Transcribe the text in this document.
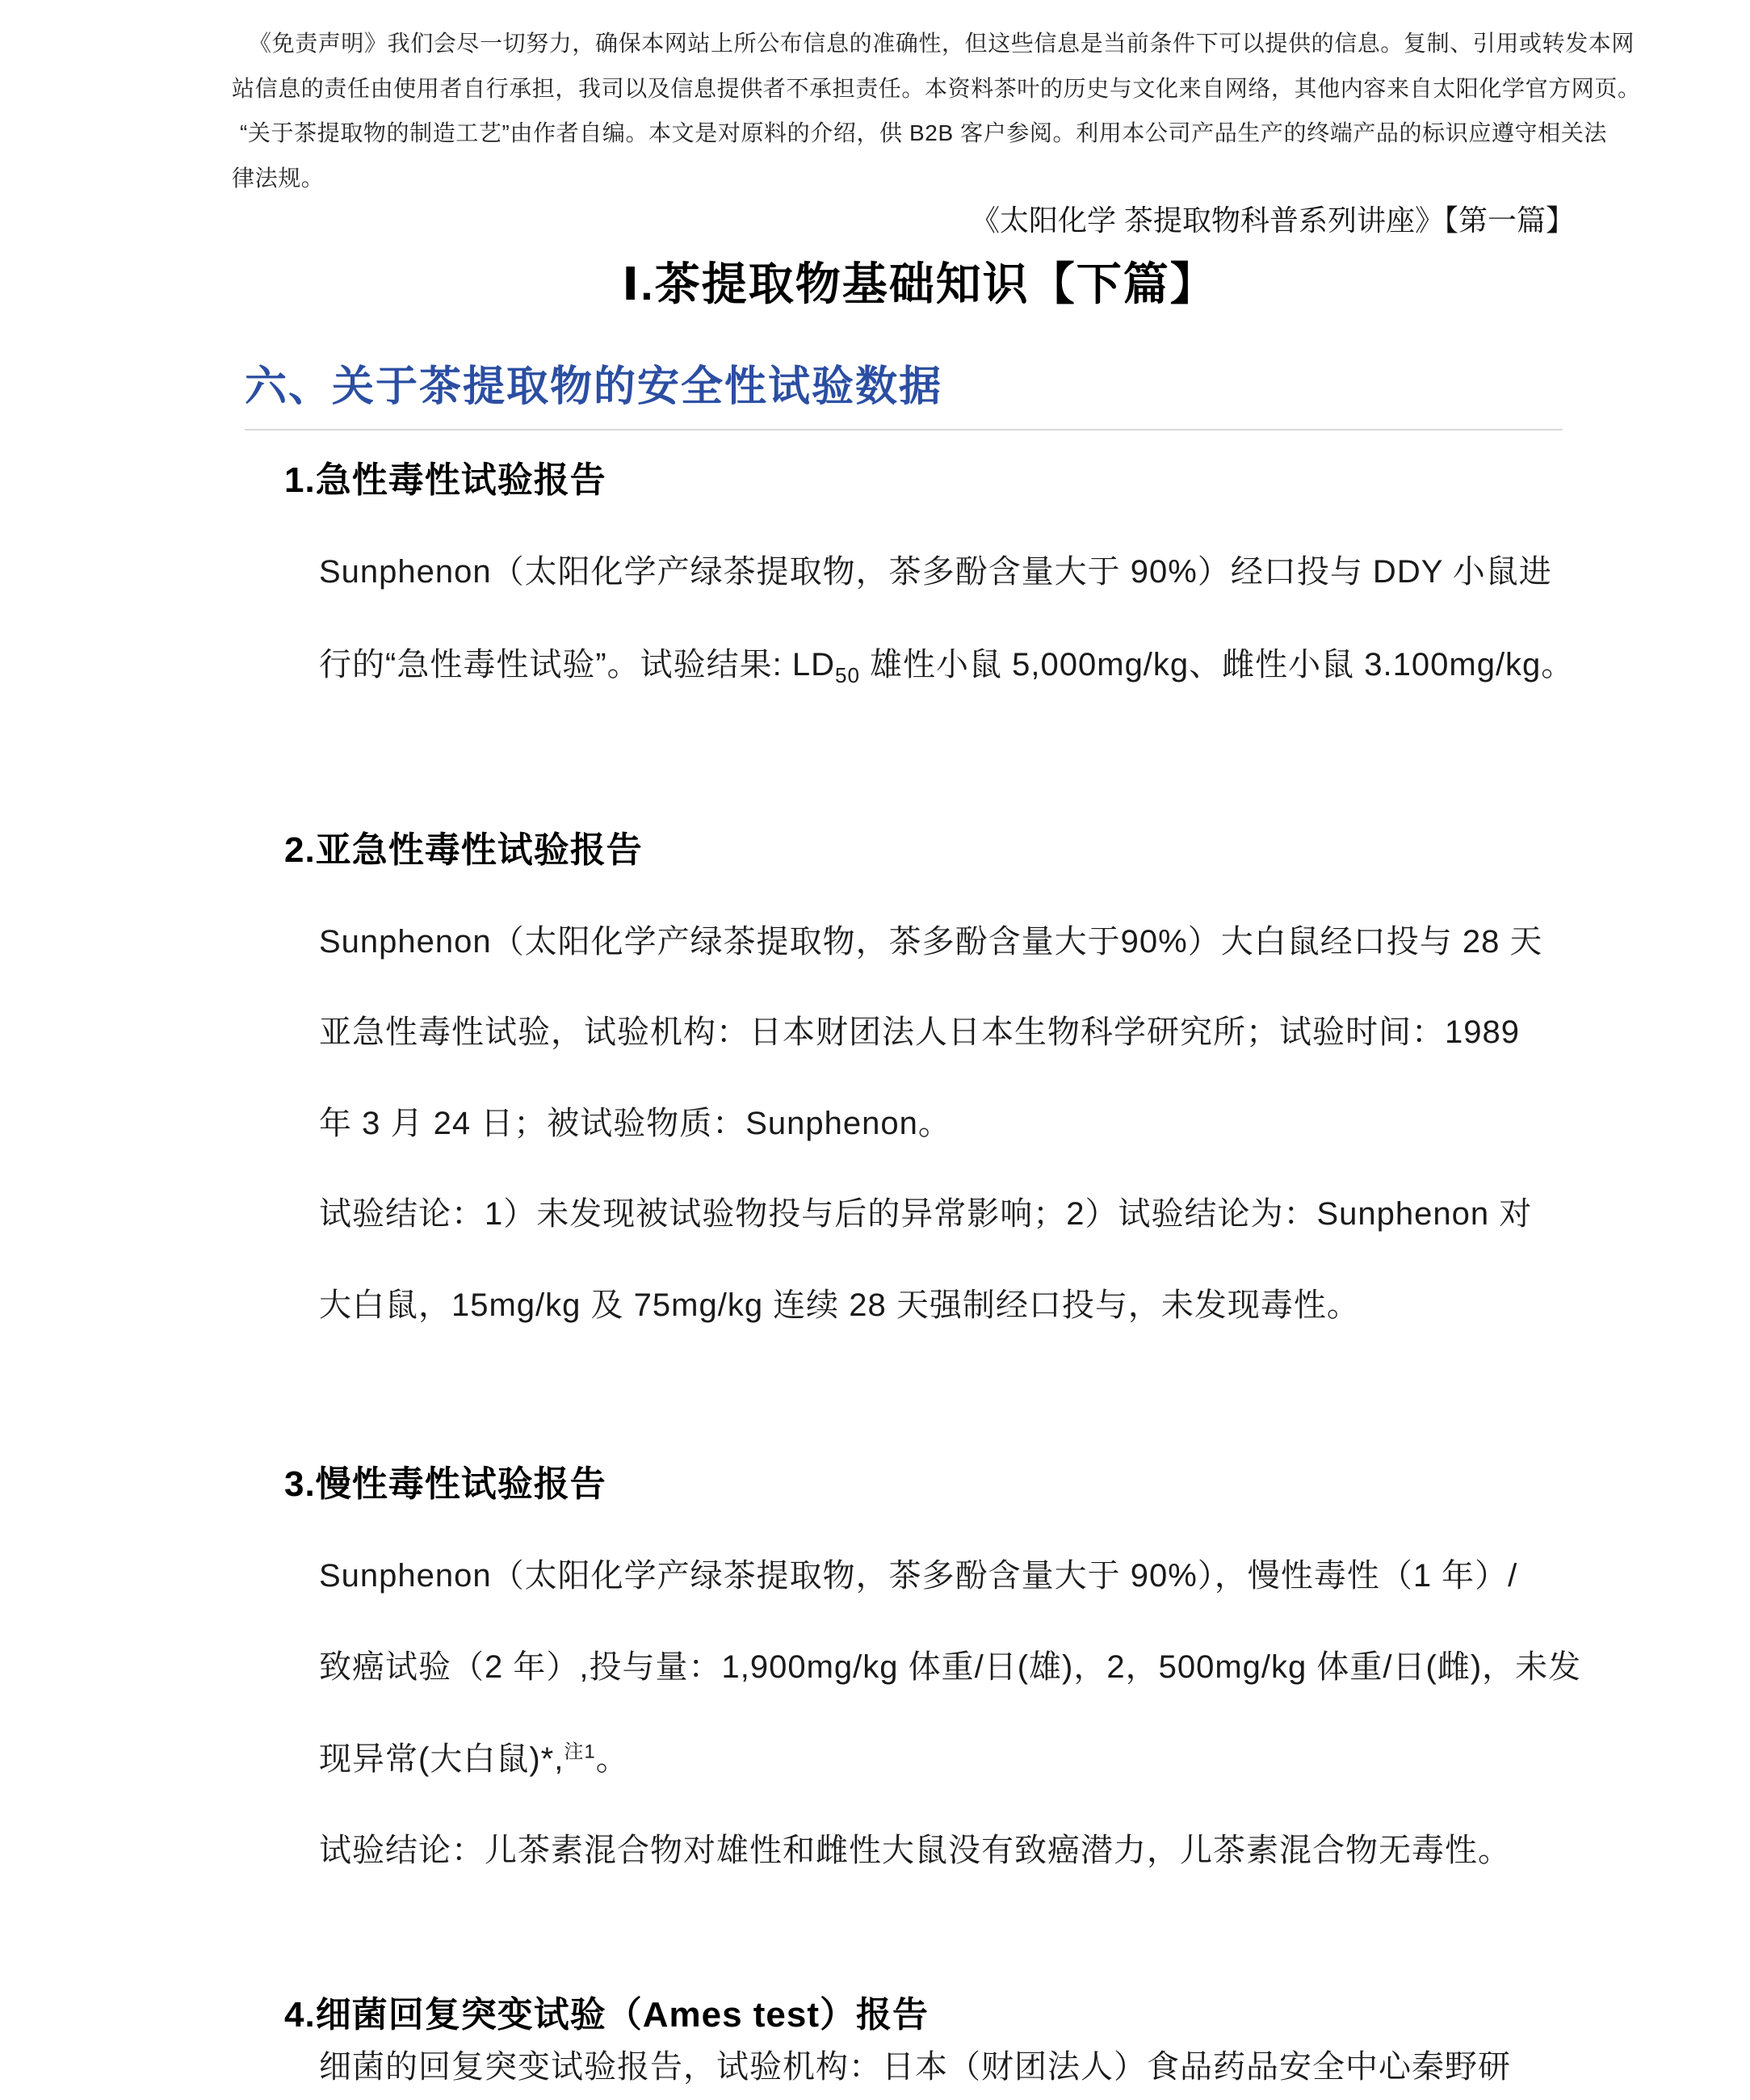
《免责声明》我们会尽一切努力，确保本网站上所公布信息的准确性，但这些信息是当前条件下可以提供的信息。复制、引用或转发本网

站信息的责任由使用者自行承担，我司以及信息提供者不承担责任。本资料茶叶的历史与文化来自网络，其他内容来自太阳化学官方网页。

“关于茶提取物的制造工艺”由作者自编。本文是对原料的介绍，供 B2B 客户参阅。利用本公司产品生产的终端产品的标识应遵守相关法

律法规。

《太阳化学 茶提取物科普系列讲座》【第一篇】

Ⅰ.茶提取物基础知识【下篇】
六、关于茶提取物的安全性试验数据
1.急性毒性试验报告

Sunphenon（太阳化学产绿茶提取物，茶多酚含量大于 90%）经口投与 DDY 小鼠进

行的“急性毒性试验”。试验结果: $LD_{50}$ 雄性小鼠 5,000mg/kg、雌性小鼠 3.100mg/kg。

2.亚急性毒性试验报告

Sunphenon（太阳化学产绿茶提取物，茶多酚含量大于90%）大白鼠经口投与 28 天

亚急性毒性试验，试验机构：日本财团法人日本生物科学研究所；试验时间：1989

年 3 月 24 日；被试验物质：Sunphenon。

试验结论：1）未发现被试验物投与后的异常影响；2）试验结论为：Sunphenon 对

大白鼠，15mg/kg 及 75mg/kg 连续 28 天强制经口投与，未发现毒性。

3.慢性毒性试验报告

Sunphenon（太阳化学产绿茶提取物，茶多酚含量大于 90%），慢性毒性（1 年）/

致癌试验（2 年）,投与量：1,900mg/kg 体重/日(雄)，2，500mg/kg 体重/日(雌)，未发

现异常(大白鼠)*,$^{注1}$。

试验结论：儿茶素混合物对雄性和雌性大鼠没有致癌潜力，儿茶素混合物无毒性。

4.细菌回复突变试验（Ames test）报告

细菌的回复突变试验报告，试验机构：日本（财团法人）食品药品安全中心秦野研
